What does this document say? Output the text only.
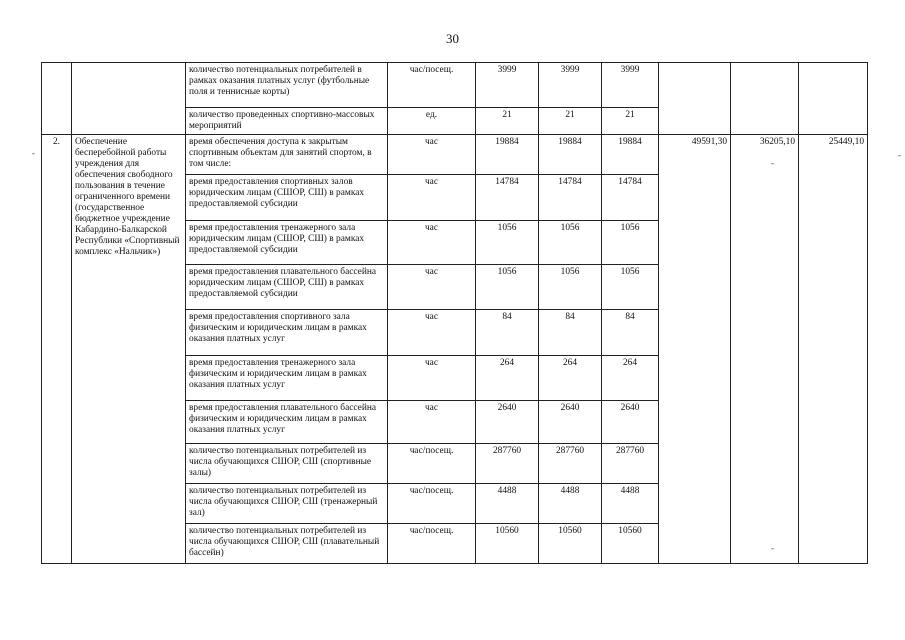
30
		количество потенциальных потребителей в рамках оказания платных услуг (футбольные поля и теннисные корты)	час/посещ.	3999	3999	3999			
		количество проведенных спортивно-массовых мероприятий	ед.	21	21	21			
2.	Обеспечение бесперебойной работы учреждения для обеспечения свободного пользования в течение ограниченного времени (государственное бюджетное учреждение Кабардино-Балкарской Республики «Спортивный комплекс «Нальчик»)	время обеспечения доступа к закрытым спортивным объектам для занятий спортом, в том числе:	час	19884	19884	19884	49591,30	36205,10	25449,10
		время предоставления спортивных залов юридическим лицам (СШОР, СШ) в рамках предоставляемой субсидии	час	14784	14784	14784			
		время предоставления тренажерного зала юридическим лицам (СШОР, СШ) в рамках предоставляемой субсидии	час	1056	1056	1056			
		время предоставления плавательного бассейна юридическим лицам (СШОР, СШ) в рамках предоставляемой субсидии	час	1056	1056	1056			
		время предоставления спортивного зала физическим и юридическим лицам в рамках оказания платных услуг	час	84	84	84			
		время предоставления тренажерного зала физическим и юридическим лицам в рамках оказания платных услуг	час	264	264	264			
		время предоставления плавательного бассейна физическим и юридическим лицам в рамках оказания платных услуг	час	2640	2640	2640			
		количество потенциальных потребителей из числа обучающихся СШОР, СШ (спортивные залы)	час/посещ.	287760	287760	287760			
		количество потенциальных потребителей из числа обучающихся СШОР, СШ (тренажерный зал)	час/посещ.	4488	4488	4488			
		количество потенциальных потребителей из числа обучающихся СШОР, СШ (плавательный бассейн)	час/посещ.	10560	10560	10560			
-	-
-
-
